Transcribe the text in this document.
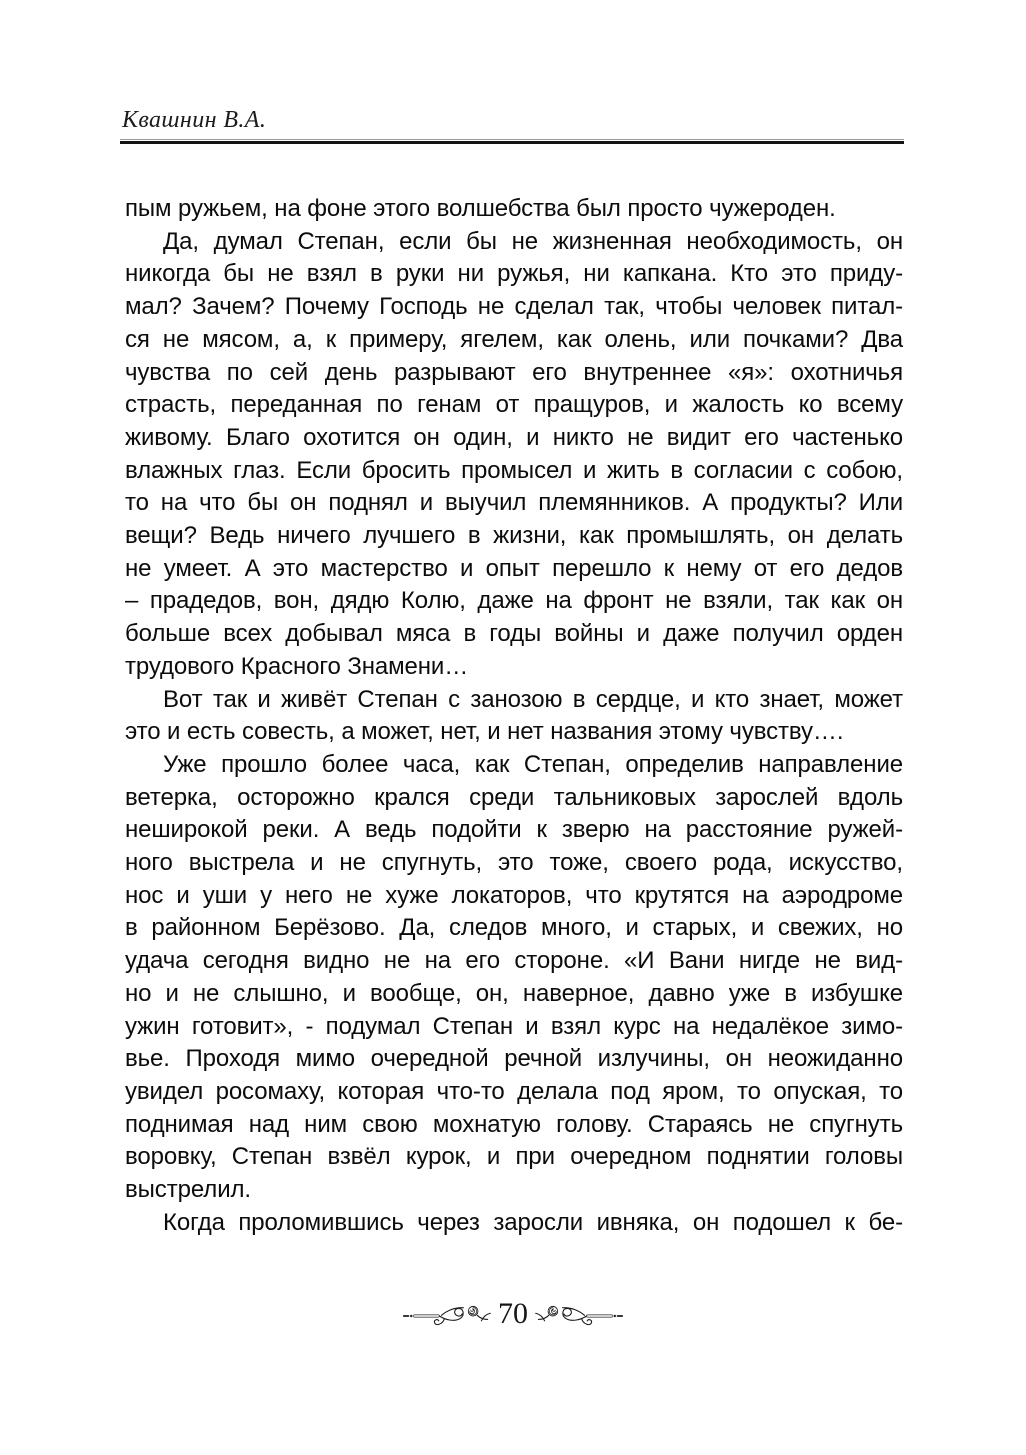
Квашнин В.А.
пым ружьем, на фоне этого волшебства был просто чужероден.
Да, думал Степан, если бы не жизненная необходимость, он
никогда бы не взял в руки ни ружья, ни капкана. Кто это приду-
мал? Зачем? Почему Господь не сделал так, чтобы человек питал-
ся не мясом, а, к примеру, ягелем, как олень, или почками? Два
чувства по сей день разрывают его внутреннее «я»: охотничья
страсть, переданная по генам от пращуров, и жалость ко всему
живому. Благо охотится он один, и никто не видит его частенько
влажных глаз. Если бросить промысел и жить в согласии с собою,
то на что бы он поднял и выучил племянников. А продукты? Или
вещи? Ведь ничего лучшего в жизни, как промышлять, он делать
не умеет. А это мастерство и опыт перешло к нему от его дедов
– прадедов, вон, дядю Колю, даже на фронт не взяли, так как он
больше всех добывал мяса в годы войны и даже получил орден
трудового Красного Знамени…
Вот так и живёт Степан с занозою в сердце, и кто знает, может
это и есть совесть, а может, нет, и нет названия этому чувству….
Уже прошло более часа, как Степан, определив направление
ветерка, осторожно крался среди тальниковых зарослей вдоль
неширокой реки. А ведь подойти к зверю на расстояние ружей-
ного выстрела и не спугнуть, это тоже, своего рода, искусство,
нос и уши у него не хуже локаторов, что крутятся на аэродроме
в районном Берёзово. Да, следов много, и старых, и свежих, но
удача сегодня видно не на его стороне. «И Вани нигде не вид-
но и не слышно, и вообще, он, наверное, давно уже в избушке
ужин готовит», - подумал Степан и взял курс на недалёкое зимо-
вье. Проходя мимо очередной речной излучины, он неожиданно
увидел росомаху, которая что-то делала под яром, то опуская, то
поднимая над ним свою мохнатую голову. Стараясь не спугнуть
воровку, Степан взвёл курок, и при очередном поднятии головы
выстрелил.
Когда проломившись через заросли ивняка, он подошел к бе-
70
